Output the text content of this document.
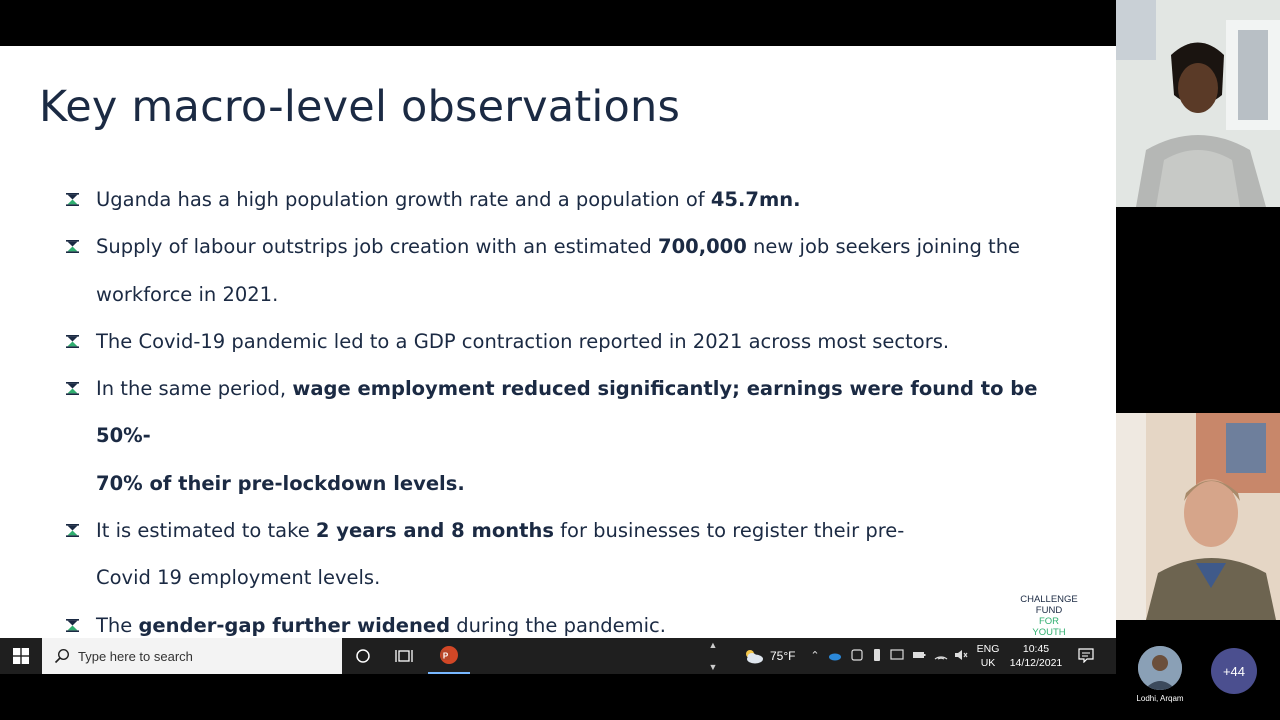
Key macro-level observations
Uganda has a high population growth rate and a population of 45.7mn.
Supply of labour outstrips job creation with an estimated 700,000 new job seekers joining the
workforce in 2021.
The Covid-19 pandemic led to a GDP contraction reported in 2021 across most sectors.
In the same period, wage employment reduced significantly; earnings were found to be 50%-
70% of their pre-lockdown levels.
It is estimated to take 2 years and 8 months for businesses to register their pre-
Covid 19 employment levels.
The gender-gap further widened during the pandemic.
CHALLENGE
FUND
FOR
YOUTH
Type here to search	P
▲
▼
75°F ⌃
ENG
UK
10:45
14/12/2021
Lodhi, Arqam
+44
